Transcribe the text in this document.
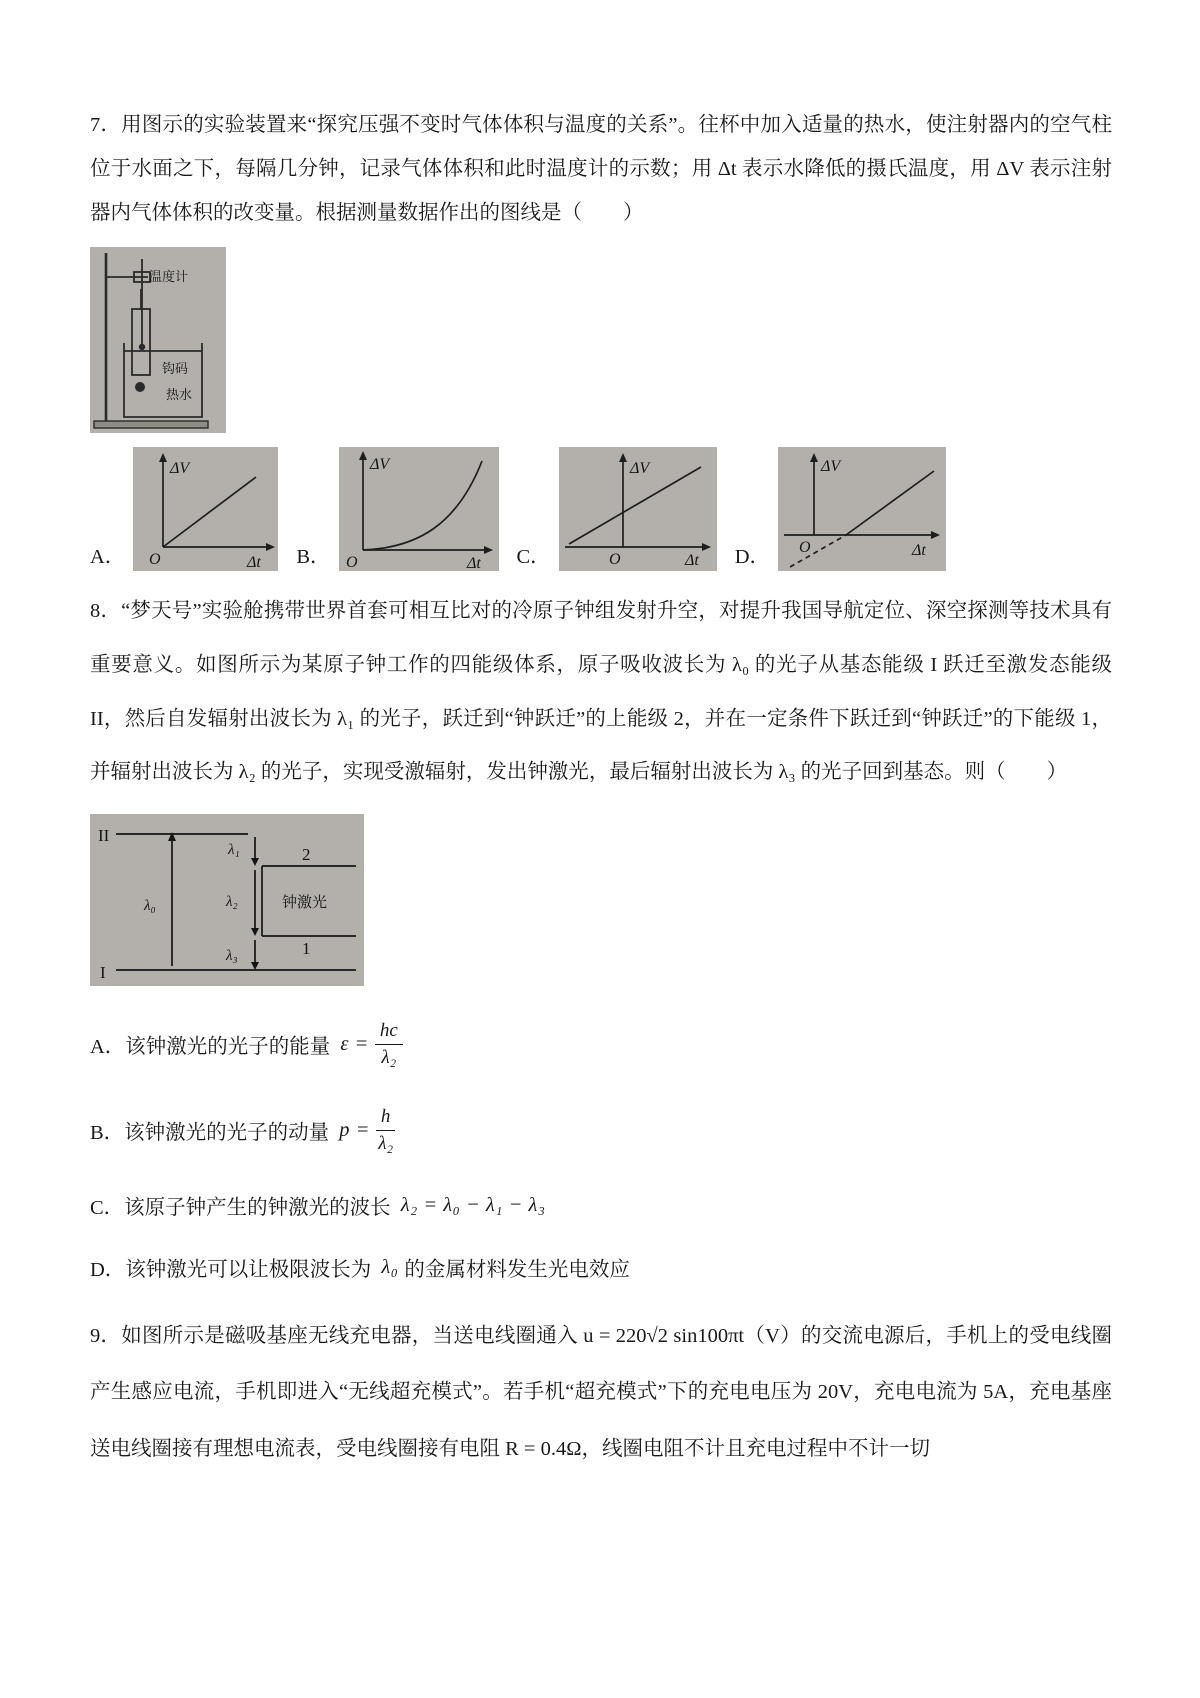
7．用图示的实验装置来“探究压强不变时气体体积与温度的关系”。往杯中加入适量的热水，使注射器内的空气柱位于水面之下，每隔几分钟，记录气体体积和此时温度计的示数；用 Δt 表示水降低的摄氏温度，用 ΔV 表示注射器内气体体积的改变量。根据测量数据作出的图线是（　　）

温度计
钩码
热水
A．
ΔV
Δt
O	B．
ΔV
Δt
O	C．
ΔV
Δt
O	D．
ΔV
Δt
O

8．“梦天号”实验舱携带世界首套可相互比对的冷原子钟组发射升空，对提升我国导航定位、深空探测等技术具有重要意义。如图所示为某原子钟工作的四能级体系，原子吸收波长为 λ₀ 的光子从基态能级 I 跃迁至激发态能级 II，然后自发辐射出波长为 λ₁ 的光子，跃迁到“钟跃迁”的上能级 2，并在一定条件下跃迁到“钟跃迁”的下能级 1，并辐射出波长为 λ₂ 的光子，实现受激辐射，发出钟激光，最后辐射出波长为 λ₃ 的光子回到基态。则（　　）

II
I
2
1
λ₀
λ₁
λ₂
λ₃
钟激光
A．该钟激光的光子的能量 $\varepsilon = \frac{hc}{\text{λ₂}}$
B．该钟激光的光子的动量 $p = \frac{h}{\text{λ₂}}$
C．该原子钟产生的钟激光的波长 λ₂ = λ₀ − λ₁ − λ₃
D．该钟激光可以让极限波长为 λ₀ 的金属材料发生光电效应

9．如图所示是磁吸基座无线充电器，当送电线圈通入 u = 220√2 sin100πt（V）的交流电源后，手机上的受电线圈产生感应电流，手机即进入“无线超充模式”。若手机“超充模式”下的充电电压为 20V，充电电流为 5A，充电基座送电线圈接有理想电流表，受电线圈接有电阻 R = 0.4Ω，线圈电阻不计且充电过程中不计一切
